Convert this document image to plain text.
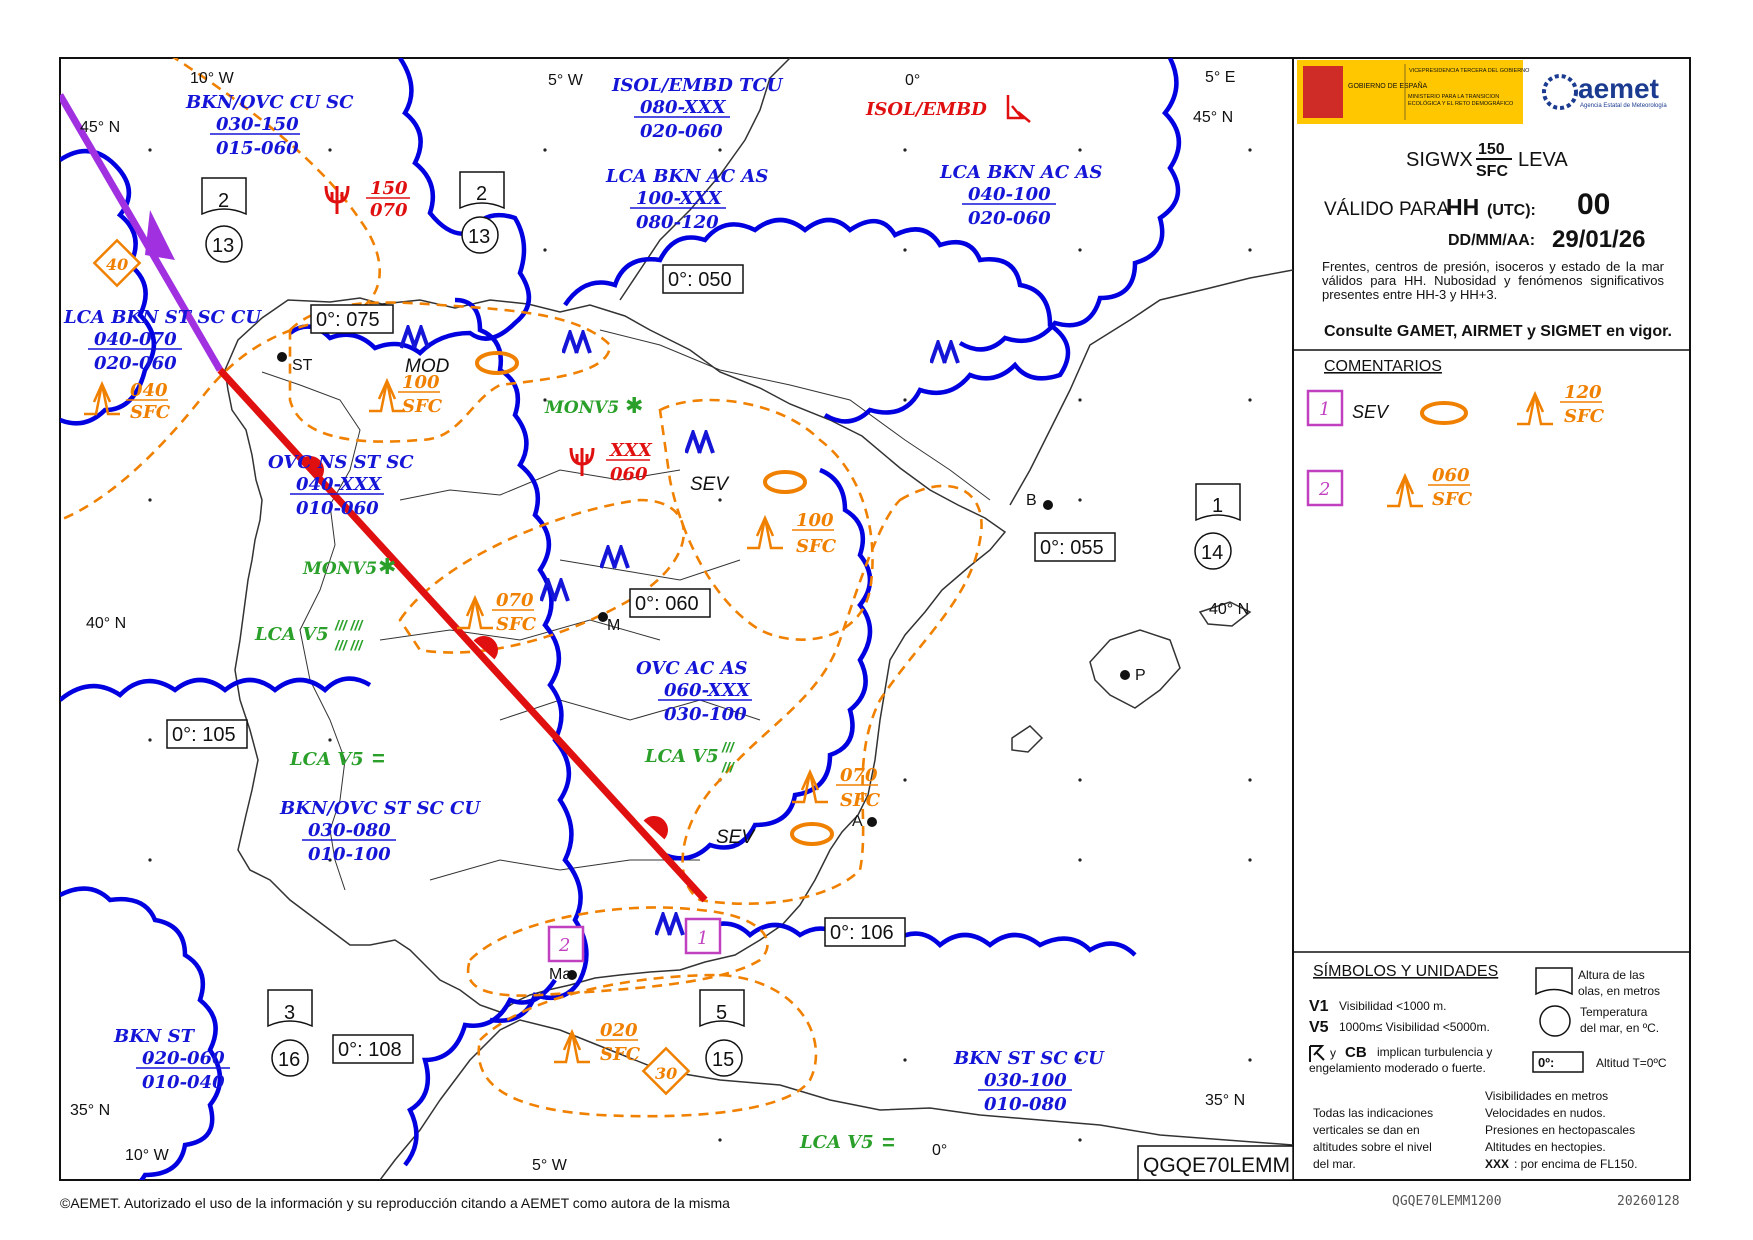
10° W	5° W	0°	5° E
45° N
45° N
40° N
40° N
35° N
35° N
10° W
5° W
0°
ST
M
B
P
A
Ma
0°: 050
0°: 075
0°: 055
0°: 060
0°: 105
0°: 106
0°: 108
2
13
2
13
1
14
3
16
5
15
BKN/OVC CU SC
030-150
015-060
ISOL/EMBD TCU
080-XXX
020-060
LCA BKN AC AS
100-XXX
080-120
LCA BKN AC AS
040-100
020-060
LCA BKN ST SC CU
040-070
020-060
OVC NS ST SC
040-XXX
010-060
OVC AC AS
060-XXX
030-100
BKN/OVC ST SC CU
030-080
010-100
BKN ST
020-060
010-040
BKN ST SC CU
030-100
010-080
ISOL/EMBD
150
070
XXX
060
040
SFC
100
SFC
100
SFC
070
SFC
070
SFC
020
SFC
MOD
SEV
SEV
MONV5 ✱
MONV5 ✱
LCA V5 /// ///
/// ///
LCA V5 =	LCA V5 ///
///
LCA V5 =
40
30
2	1
QGQE70LEMM
GOBIERNO DE ESPAÑA
VICEPRESIDENCIA TERCERA DEL GOBIERNO
MINISTERIO PARA LA TRANSICIÓN ECOLÓGICA Y EL RETO DEMOGRÁFICO aemet
Agencia Estatal de Meteorología
SIGWX 150
SFC
LEVA
VÁLIDO PARA
HH (UTC): 00
DD/MM/AA: 29/01/26
Frentes, centros de presión, isoceros y estado de la mar válidos para HH. Nubosidad y fenómenos significativos presentes entre HH-3 y HH+3.
Consulte GAMET, AIRMET y SIGMET en vigor.
COMENTARIOS
1 SEV
120
SFC
2
060
SFC
SÍMBOLOS Y UNIDADES	Altura de las
olas, en metros
V1 Visibilidad <1000 m.	Temperatura
del mar, en ºC.
V5 1000m≤ Visibilidad <5000m.
y CB implican turbulencia y
engelamiento moderado o fuerte.	0º:	Altitud T=0ºC
Todas las indicaciones
verticales se dan en
altitudes sobre el nivel
del mar.
Visibilidades en metros
Velocidades en nudos.
Presiones en hectopascales
Altitudes en hectopies.
XXX : por encima de FL150.
©AEMET. Autorizado el uso de la información y su reproducción citando a AEMET como autora de la misma	QGQE70LEMM1200	20260128
